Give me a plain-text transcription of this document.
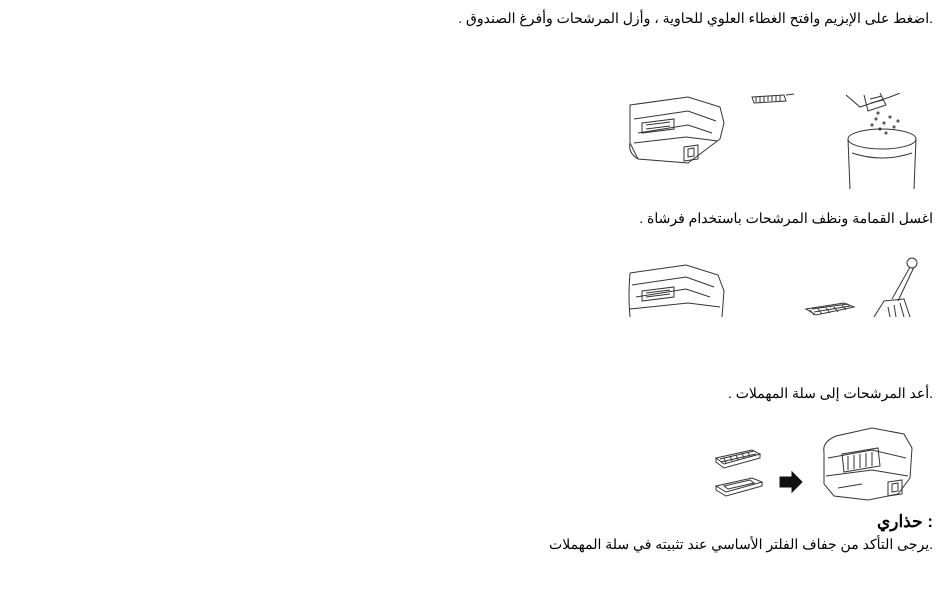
.اضغط على الإبزيم وافتح الغطاء العلوي للحاوية ، وأزل المرشحات وأفرغ الصندوق .
اغسل القمامة ونظف المرشحات باستخدام فرشاة .
.أعد المرشحات إلى سلة المهملات .
: حذاري
.يرجى التأكد من جفاف الفلتر الأساسي عند تثبيته في سلة المهملات
